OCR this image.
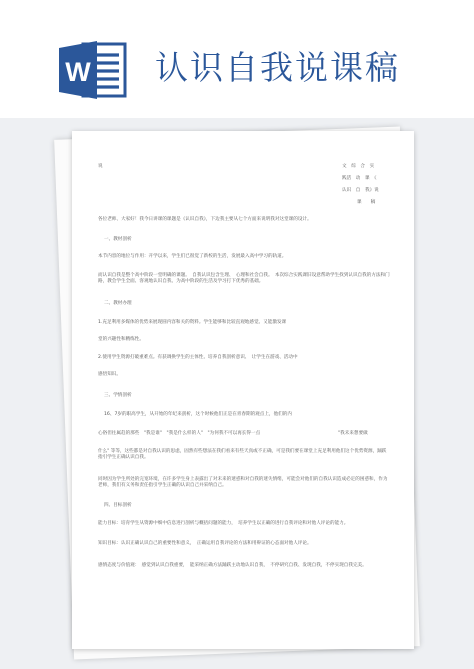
W 认识自我说课稿
说	文　综　合　实
践活　动　课　《
认识　自　我》说
课　　稿
各位老师、大家好！我今日讲课的课题是《认识自我》，下边我主要从七个方面来说明我对这堂课的设计。
一、教材剖析
本节内容的地位与作用：开学以来，学生们已很觉了新校的生活，发展最入高中学习的轨道。
而认识自我是整个高中阶段一堂明确的课题。　自我认识包含生理、　心理和社会自我。　本次综合实践课旧设意帮助学生找到认识自我的方法和门路，教会学生全面、客观地认识自我、为高中阶段的生活及学习打下优秀的基础。
二、教材办理
1.充足利用多媒体的优势来展现圆内容和关的资料。学生能够和比较直观地感觉、又能激发课
堂的兴趣性和精练性。
2.使用学生资源打破重难点。有获调换学生的主体性、培养自我剖析意识、　让学生在游戏、活动中
感悟知识。
三、学情剖析
16、7岁的职高学生，从开始的年纪来剖析，这个时候他们正是在青春期的观点上，他们的内
心俗但往属趋的那些　"我是谁"　"我是什么样的人"　"为何我不可以再长得一点	"我未来想要做
什么" 等等，这些都是对自我认识的思虑，固然有些想法在我们看来有些天真或不正确，可是我们要在课堂上充足利用他们这个优势资源，踊跃指引学生正确认识自我。
同时因为学生所处的完宽环境，在许多学生身上表露出了对未来的迷惑和对自我的迷失情绪，可能会对他们的自我认识造成必定的困惑和，作为老师，我们有义务和责任指引学生正确的认识自己并采纳自己。
四、目标剖析
能力目标：培育学生从资源中细中信息进行剖析与概括问题的能力，　培养学生以正确的进行自我评论和对他人评论的能力。
知识目标：认识正确认识自己的重要性和意义，　正确运用自我评论的方法和用辩证的心态面对他人评论。
感情态度与价值观：　感觉到认识自我重要，　能采纳正确方法踊跃主动地认识自我，　不停研究自我、发现自我，不停实现自我完美。
